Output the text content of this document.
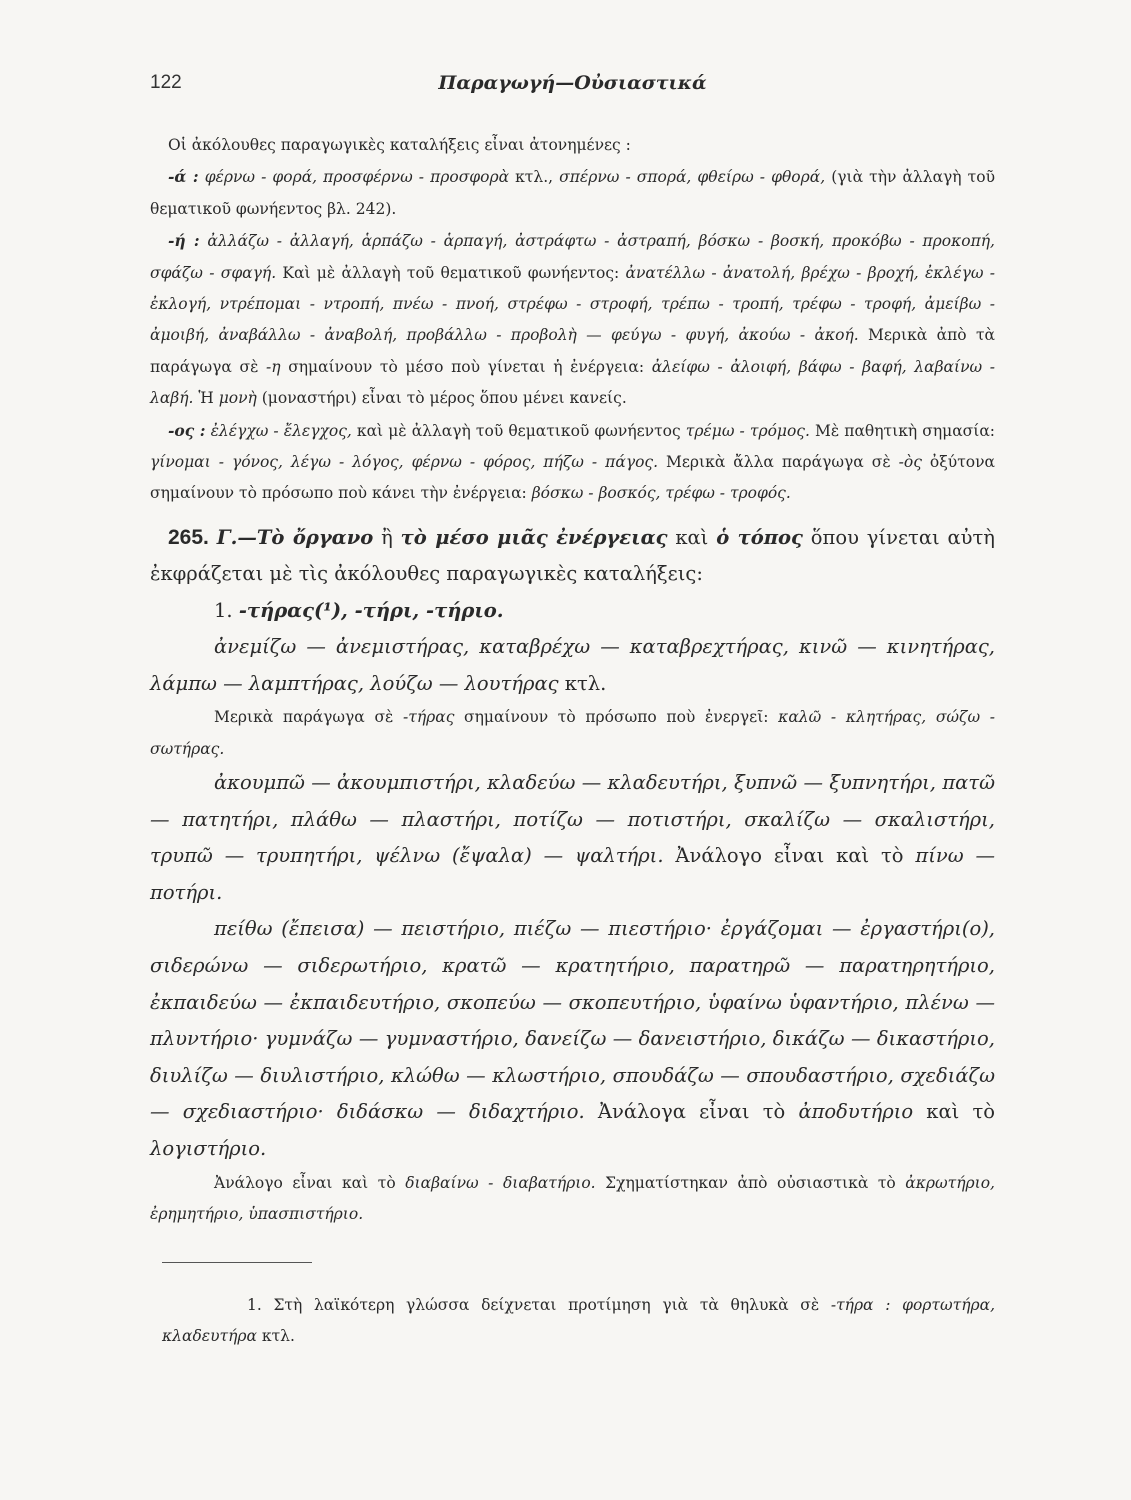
122	Παραγωγή—Οὐσιαστικά

Οἱ ἀκόλουθες παραγωγικὲς καταλήξεις εἶναι ἀτονημένες :

-ά : φέρνω - φορά, προσφέρνω - προσφορὰ κτλ., σπέρνω - σπορά, φθείρω - φθορά, (γιὰ τὴν ἀλλαγὴ τοῦ θεματικοῦ φωνήεντος βλ. 242).

-ή : ἀλλάζω - ἀλλαγή, ἁρπάζω - ἁρπαγή, ἀστράφτω - ἀστραπή, βόσκω - βοσκή, προκόβω - προκοπή, σφάζω - σφαγή. Καὶ μὲ ἀλλαγὴ τοῦ θεματικοῦ φωνήεντος: ἀνατέλλω - ἀνατολή, βρέχω - βροχή, ἐκλέγω - ἐκλογή, ντρέπομαι - ντροπή, πνέω - πνοή, στρέφω - στροφή, τρέπω - τροπή, τρέφω - τροφή, ἀμείβω - ἀμοιβή, ἀναβάλλω - ἀναβολή, προβάλλω - προβολὴ — φεύγω - φυγή, ἀκούω - ἀκοή. Μερικὰ ἀπὸ τὰ παράγωγα σὲ -η σημαίνουν τὸ μέσο ποὺ γίνεται ἡ ἐνέργεια: ἀλείφω - ἀλοιφή, βάφω - βαφή, λαβαίνω - λαβή. Ἡ μονὴ (μοναστήρι) εἶναι τὸ μέρος ὅπου μένει κανείς.

-ος : ἐλέγχω - ἔλεγχος, καὶ μὲ ἀλλαγὴ τοῦ θεματικοῦ φωνήεντος τρέμω - τρόμος. Μὲ παθητικὴ σημασία: γίνομαι - γόνος, λέγω - λόγος, φέρνω - φόρος, πήζω - πάγος. Μερικὰ ἄλλα παράγωγα σὲ -ὸς ὀξύτονα σημαίνουν τὸ πρόσωπο ποὺ κάνει τὴν ἐνέργεια: βόσκω - βοσκός, τρέφω - τροφός.

265. Γ.—Τὸ ὄργανο ἢ τὸ μέσο μιᾶς ἐνέργειας καὶ ὁ τόπος ὅπου γίνεται αὐτὴ ἐκφράζεται μὲ τὶς ἀκόλουθες παραγωγικὲς καταλήξεις:

1. -τήρας(¹), -τήρι, -τήριο.

ἀνεμίζω — ἀνεμιστήρας, καταβρέχω — καταβρεχτήρας, κινῶ — κινητήρας, λάμπω — λαμπτήρας, λούζω — λουτήρας κτλ.

Μερικὰ παράγωγα σὲ -τήρας σημαίνουν τὸ πρόσωπο ποὺ ἐνεργεῖ: καλῶ - κλητήρας, σώζω - σωτήρας.

ἀκουμπῶ — ἀκουμπιστήρι, κλαδεύω — κλαδευτήρι, ξυπνῶ — ξυπνητήρι, πατῶ — πατητήρι, πλάθω — πλαστήρι, ποτίζω — ποτιστήρι, σκαλίζω — σκαλιστήρι, τρυπῶ — τρυπητήρι, ψέλνω (ἔψαλα) — ψαλτήρι. Ἀνάλογο εἶναι καὶ τὸ πίνω — ποτήρι.

πείθω (ἔπεισα) — πειστήριο, πιέζω — πιεστήριο· ἐργάζομαι — ἐργαστήρι(ο), σιδερώνω — σιδερωτήριο, κρατῶ — κρατητήριο, παρατηρῶ — παρατηρητήριο, ἐκπαιδεύω — ἐκπαιδευτήριο, σκοπεύω — σκοπευτήριο, ὑφαίνω ὑφαντήριο, πλένω — πλυντήριο· γυμνάζω — γυμναστήριο, δανείζω — δανειστήριο, δικάζω — δικαστήριο, διυλίζω — διυλιστήριο, κλώθω — κλωστήριο, σπουδάζω — σπουδαστήριο, σχεδιάζω — σχεδιαστήριο· διδάσκω — διδαχτήριο. Ἀνάλογα εἶναι τὸ ἀποδυτήριο καὶ τὸ λογιστήριο.

Ἀνάλογο εἶναι καὶ τὸ διαβαίνω - διαβατήριο. Σχηματίστηκαν ἀπὸ οὐσιαστικὰ τὸ ἀκρωτήριο, ἐρημητήριο, ὑπασπιστήριο.

1. Στὴ λαϊκότερη γλώσσα δείχνεται προτίμηση γιὰ τὰ θηλυκὰ σὲ -τήρα : φορτωτήρα, κλαδευτήρα κτλ.
